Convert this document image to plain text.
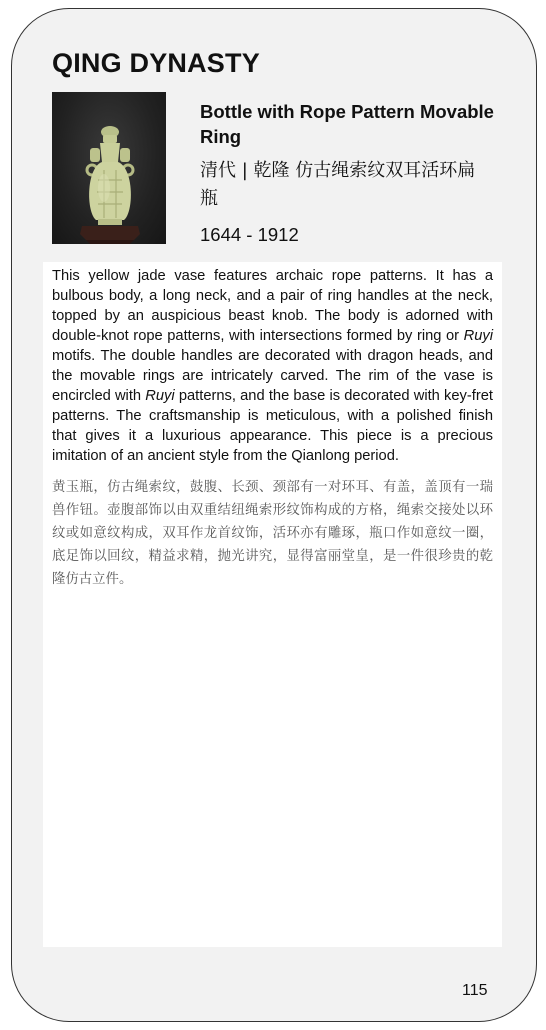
QING DYNASTY
Bottle with Rope Pattern Movable Ring
清代 | 乾隆 仿古绳索纹双耳活环扁瓶
1644 - 1912

This yellow jade vase features archaic rope patterns. It has a bulbous body, a long neck, and a pair of ring handles at the neck, topped by an auspicious beast knob. The body is adorned with double-knot rope patterns, with intersections formed by ring or Ruyi motifs. The double handles are decorated with dragon heads, and the movable rings are intricately carved. The rim of the vase is encircled with Ruyi patterns, and the base is decorated with key-fret patterns. The craftsmanship is meticulous, with a polished finish that gives it a luxurious appearance. This piece is a precious imitation of an ancient style from the Qianlong period.

黄玉瓶，仿古绳索纹，鼓腹、长颈、颈部有一对环耳、有盖，盖顶有一瑞兽作钮。壶腹部饰以由双重结纽绳索形纹饰构成的方格，绳索交接处以环纹或如意纹构成，双耳作龙首纹饰，活环亦有雕琢，瓶口作如意纹一圈，底足饰以回纹，精益求精，抛光讲究，显得富丽堂皇，是一件很珍贵的乾隆仿古立件。

115
